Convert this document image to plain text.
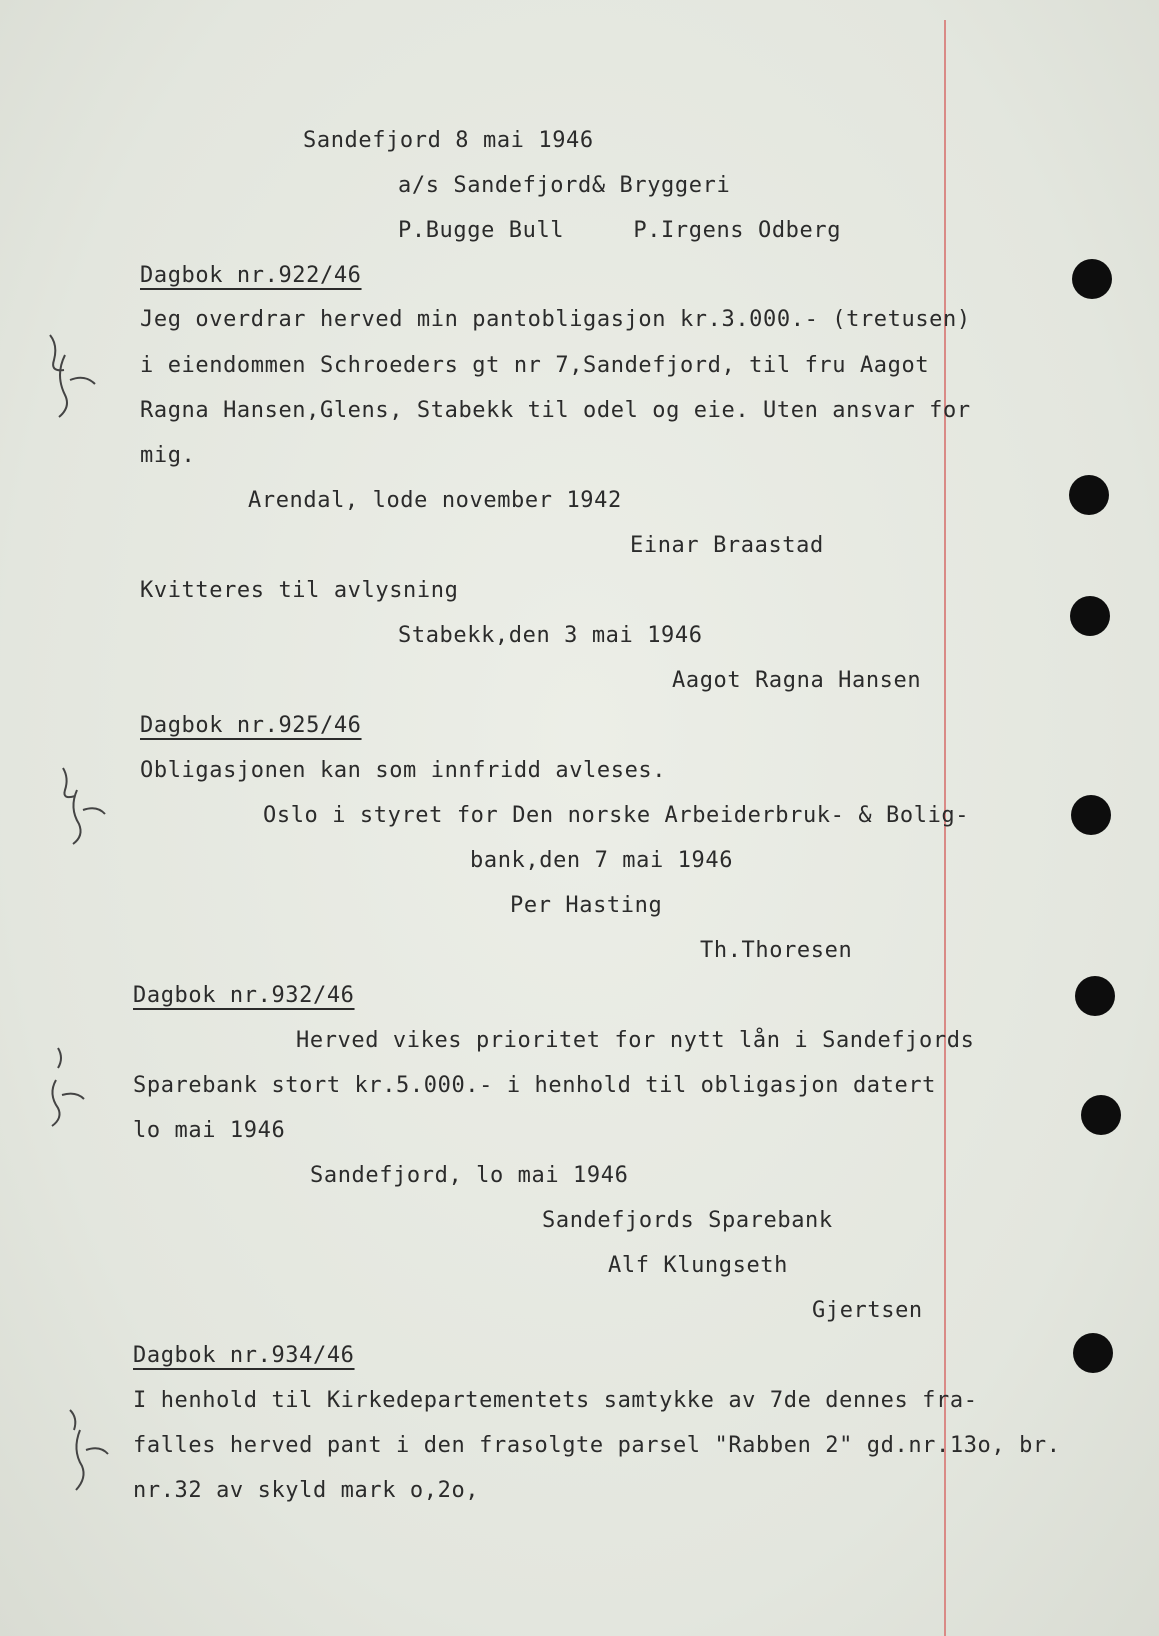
Sandefjord 8 mai 1946
a/s Sandefjord& Bryggeri
P.Bugge Bull     P.Irgens Odberg
Dagbok nr.922/46
Jeg overdrar herved min pantobligasjon kr.3.000.- (tretusen)
i eiendommen Schroeders gt nr 7,Sandefjord, til fru Aagot
Ragna Hansen,Glens, Stabekk til odel og eie. Uten ansvar for
mig.
Arendal, lode november 1942
Einar Braastad
Kvitteres til avlysning
Stabekk,den 3 mai 1946
Aagot Ragna Hansen
Dagbok nr.925/46
Obligasjonen kan som innfridd avleses.
Oslo i styret for Den norske Arbeiderbruk- & Bolig-
bank,den 7 mai 1946
Per Hasting
Th.Thoresen
Dagbok nr.932/46
Herved vikes prioritet for nytt lån i Sandefjords
Sparebank stort kr.5.000.- i henhold til obligasjon datert
lo mai 1946
Sandefjord, lo mai 1946
Sandefjords Sparebank
Alf Klungseth
Gjertsen
Dagbok nr.934/46
I henhold til Kirkedepartementets samtykke av 7de dennes fra-
falles herved pant i den frasolgte parsel "Rabben 2" gd.nr.13o, br.
nr.32 av skyld mark o,2o,
